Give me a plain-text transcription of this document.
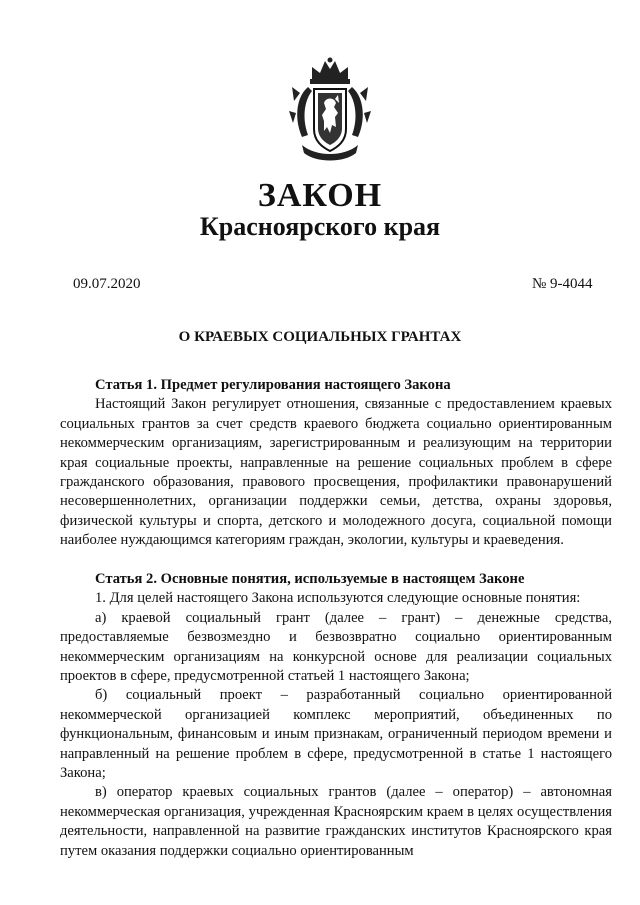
ЗАКОН
Красноярского края
09.07.2020	№ 9-4044
О КРАЕВЫХ СОЦИАЛЬНЫХ ГРАНТАХ

Статья 1. Предмет регулирования настоящего Закона

Настоящий Закон регулирует отношения, связанные с предоставлением краевых социальных грантов за счет средств краевого бюджета социально ориентированным некоммерческим организациям, зарегистрированным и реализующим на территории края социальные проекты, направленные на решение социальных проблем в сфере гражданского образования, правового просвещения, профилактики правонарушений несовершеннолетних, организации поддержки семьи, детства, охраны здоровья, физической культуры и спорта, детского и молодежного досуга, социальной помощи наиболее нуждающимся категориям граждан, экологии, культуры и краеведения.

Статья 2. Основные понятия, используемые в настоящем Законе

1. Для целей настоящего Закона используются следующие основные понятия:

а) краевой социальный грант (далее – грант) – денежные средства, предоставляемые безвозмездно и безвозвратно социально ориентированным некоммерческим организациям на конкурсной основе для реализации социальных проектов в сфере, предусмотренной статьей 1 настоящего Закона;

б) социальный проект – разработанный социально ориентированной некоммерческой организацией комплекс мероприятий, объединенных по функциональным, финансовым и иным признакам, ограниченный периодом времени и направленный на решение проблем в сфере, предусмотренной в статье 1 настоящего Закона;

в) оператор краевых социальных грантов (далее – оператор) – автономная некоммерческая организация, учрежденная Красноярским краем в целях осуществления деятельности, направленной на развитие гражданских институтов Красноярского края путем оказания поддержки социально ориентированным
